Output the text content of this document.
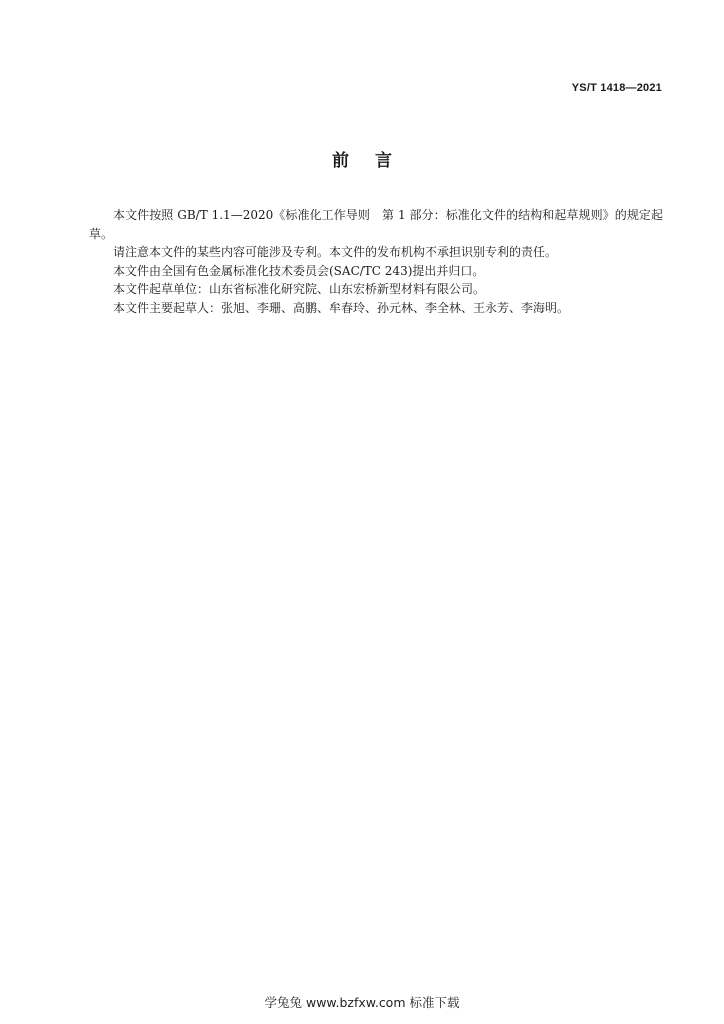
YS/T 1418—2021
前言

本文件按照 GB/T 1.1—2020《标准化工作导则　第 1 部分：标准化文件的结构和起草规则》的规定起草。

请注意本文件的某些内容可能涉及专利。本文件的发布机构不承担识别专利的责任。

本文件由全国有色金属标准化技术委员会(SAC/TC 243)提出并归口。

本文件起草单位：山东省标准化研究院、山东宏桥新型材料有限公司。

本文件主要起草人：张旭、李珊、高鹏、牟春玲、孙元林、李全林、王永芳、李海明。

学兔兔 www.bzfxw.com 标准下载
